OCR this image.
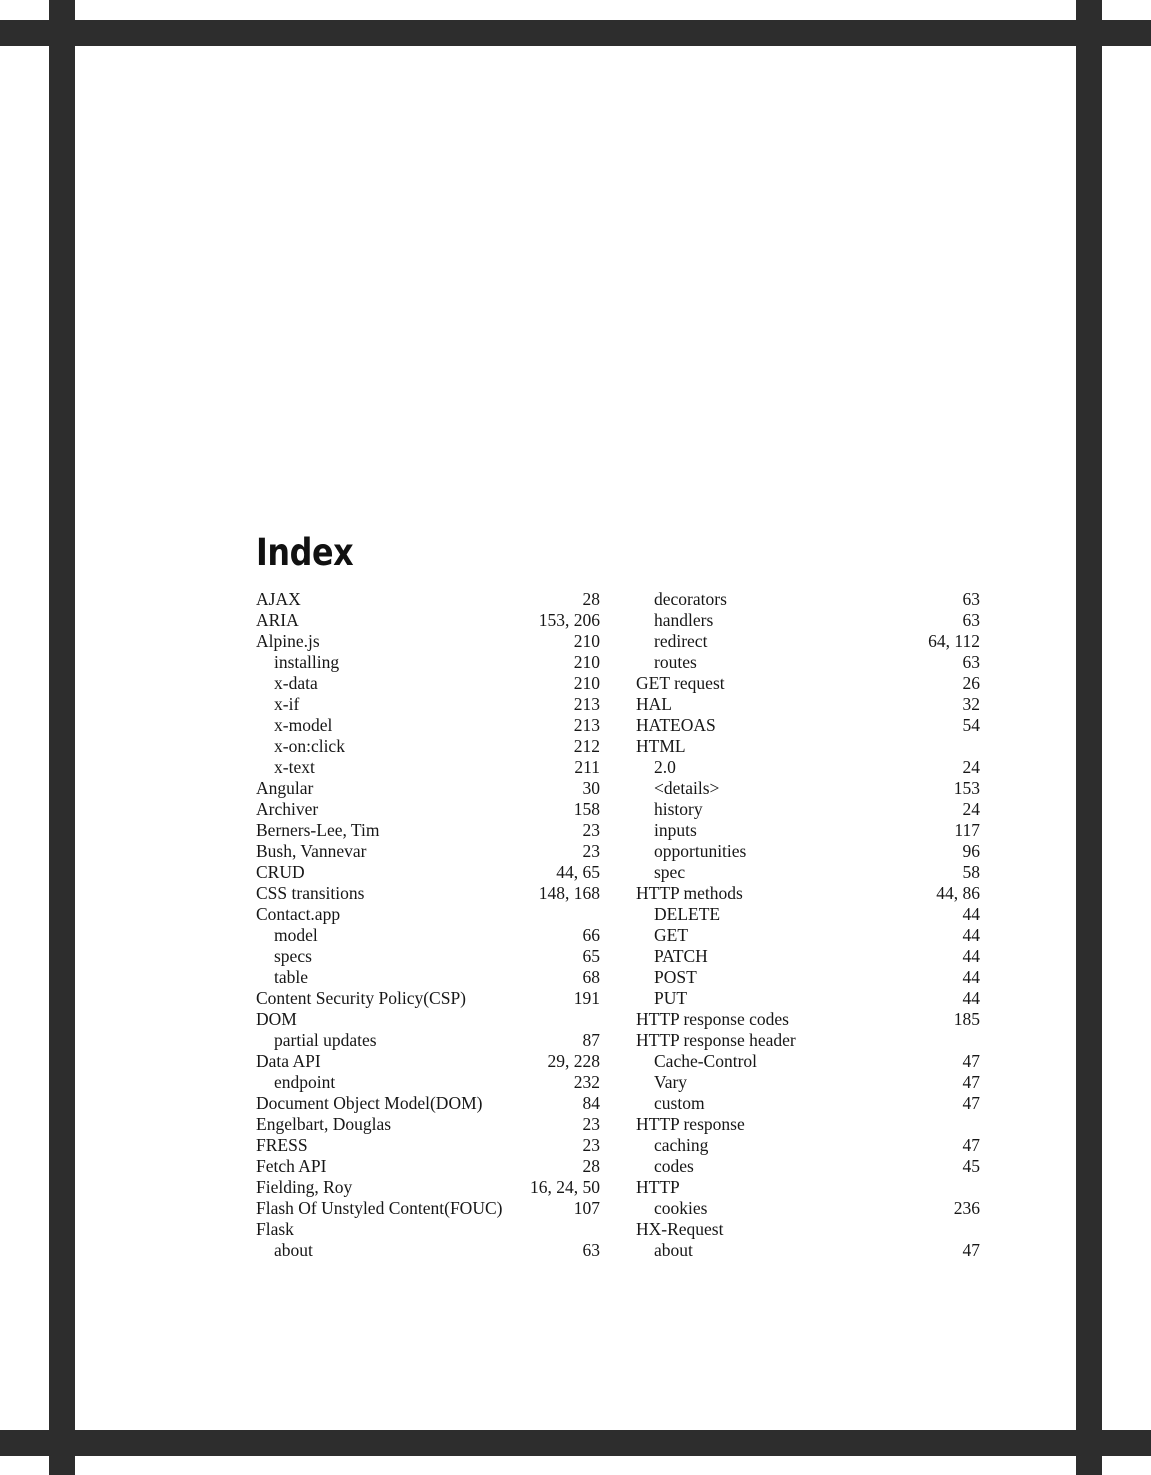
Index
AJAX	28
ARIA	153, 206
Alpine.js	210
installing	210
x-data	210
x-if	213
x-model	213
x-on:click	212
x-text	211
Angular	30
Archiver	158
Berners-Lee, Tim	23
Bush, Vannevar	23
CRUD	44, 65
CSS transitions	148, 168
Contact.app
model	66
specs	65
table	68
Content Security Policy(CSP)	191
DOM
partial updates	87
Data API	29, 228
endpoint	232
Document Object Model(DOM)	84
Engelbart, Douglas	23
FRESS	23
Fetch API	28
Fielding, Roy	16, 24, 50
Flash Of Unstyled Content(FOUC)	107
Flask
about	63
decorators	63
handlers	63
redirect	64, 112
routes	63
GET request	26
HAL	32
HATEOAS	54
HTML
2.0	24
<details>	153
history	24
inputs	117
opportunities	96
spec	58
HTTP methods	44, 86
DELETE	44
GET	44
PATCH	44
POST	44
PUT	44
HTTP response codes	185
HTTP response header
Cache-Control	47
Vary	47
custom	47
HTTP response
caching	47
codes	45
HTTP
cookies	236
HX-Request
about	47
